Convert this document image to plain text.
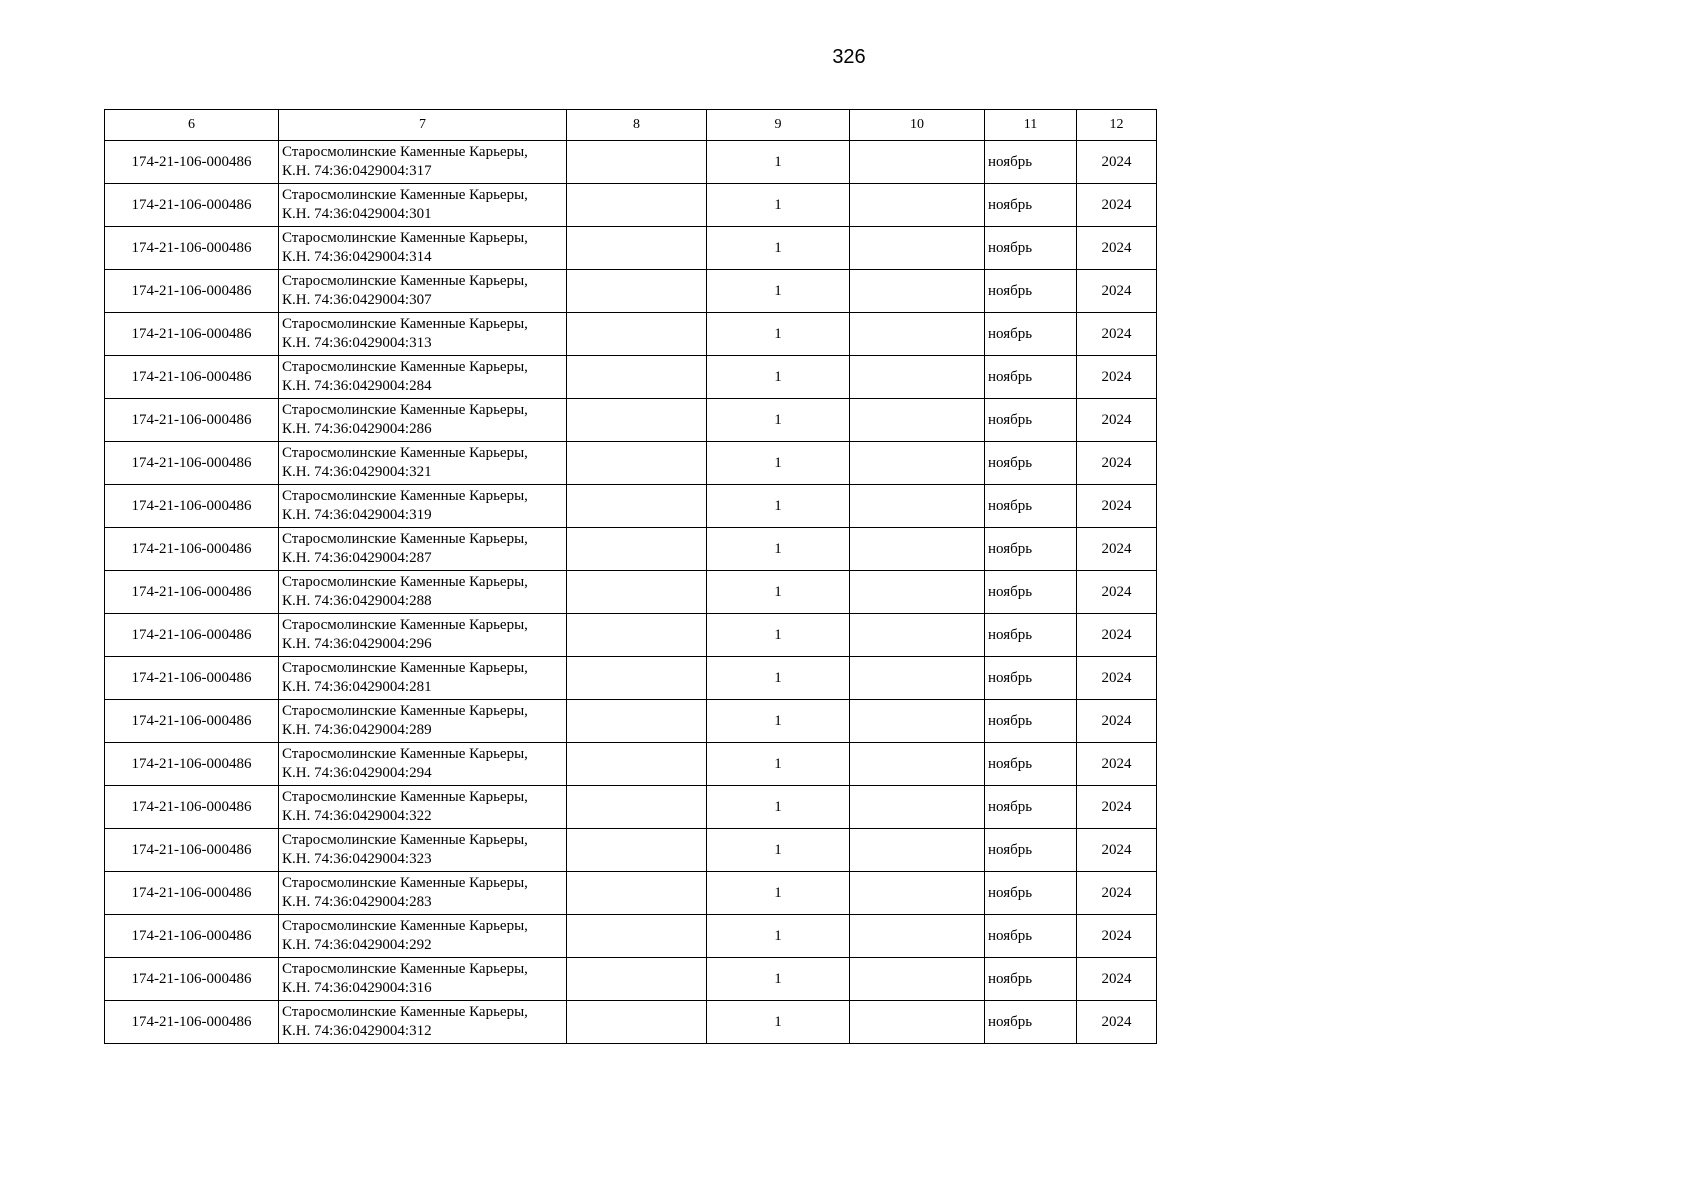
326
6	7	8	9	10	11	12
174-21-106-000486	Старосмолинские Каменные Карьеры,
К.Н. 74:36:0429004:317		1		ноябрь	2024
174-21-106-000486	Старосмолинские Каменные Карьеры,
К.Н. 74:36:0429004:301		1		ноябрь	2024
174-21-106-000486	Старосмолинские Каменные Карьеры,
К.Н. 74:36:0429004:314		1		ноябрь	2024
174-21-106-000486	Старосмолинские Каменные Карьеры,
К.Н. 74:36:0429004:307		1		ноябрь	2024
174-21-106-000486	Старосмолинские Каменные Карьеры,
К.Н. 74:36:0429004:313		1		ноябрь	2024
174-21-106-000486	Старосмолинские Каменные Карьеры,
К.Н. 74:36:0429004:284		1		ноябрь	2024
174-21-106-000486	Старосмолинские Каменные Карьеры,
К.Н. 74:36:0429004:286		1		ноябрь	2024
174-21-106-000486	Старосмолинские Каменные Карьеры,
К.Н. 74:36:0429004:321		1		ноябрь	2024
174-21-106-000486	Старосмолинские Каменные Карьеры,
К.Н. 74:36:0429004:319		1		ноябрь	2024
174-21-106-000486	Старосмолинские Каменные Карьеры,
К.Н. 74:36:0429004:287		1		ноябрь	2024
174-21-106-000486	Старосмолинские Каменные Карьеры,
К.Н. 74:36:0429004:288		1		ноябрь	2024
174-21-106-000486	Старосмолинские Каменные Карьеры,
К.Н. 74:36:0429004:296		1		ноябрь	2024
174-21-106-000486	Старосмолинские Каменные Карьеры,
К.Н. 74:36:0429004:281		1		ноябрь	2024
174-21-106-000486	Старосмолинские Каменные Карьеры,
К.Н. 74:36:0429004:289		1		ноябрь	2024
174-21-106-000486	Старосмолинские Каменные Карьеры,
К.Н. 74:36:0429004:294		1		ноябрь	2024
174-21-106-000486	Старосмолинские Каменные Карьеры,
К.Н. 74:36:0429004:322		1		ноябрь	2024
174-21-106-000486	Старосмолинские Каменные Карьеры,
К.Н. 74:36:0429004:323		1		ноябрь	2024
174-21-106-000486	Старосмолинские Каменные Карьеры,
К.Н. 74:36:0429004:283		1		ноябрь	2024
174-21-106-000486	Старосмолинские Каменные Карьеры,
К.Н. 74:36:0429004:292		1		ноябрь	2024
174-21-106-000486	Старосмолинские Каменные Карьеры,
К.Н. 74:36:0429004:316		1		ноябрь	2024
174-21-106-000486	Старосмолинские Каменные Карьеры,
К.Н. 74:36:0429004:312		1		ноябрь	2024
